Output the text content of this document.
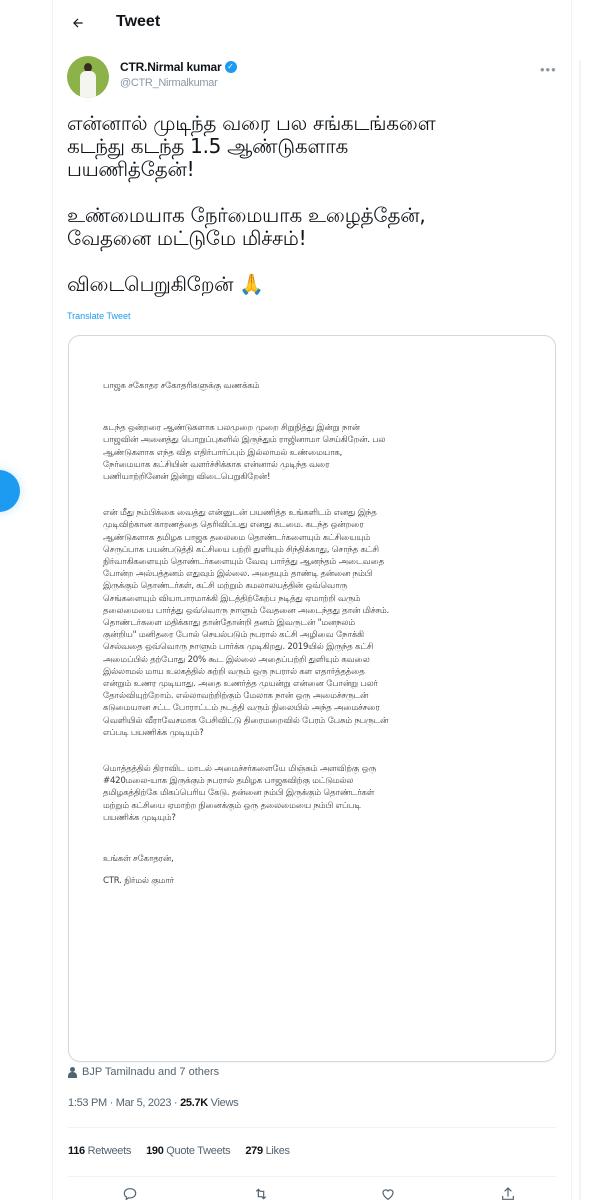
Tweet
CTR.Nirmal kumar ✓
@CTR_Nirmalkumar
•••

என்னால் முடிந்த வரை பல சங்கடங்களை

கடந்து கடந்த 1.5 ஆண்டுகளாக

பயணித்தேன்!

உண்மையாக நேர்மையாக உழைத்தேன்,

வேதனை மட்டுமே மிச்சம்!

விடைபெறுகிறேன் 🙏

Translate Tweet
பாஜக சகோதர சகோதரிகளுக்கு வணக்கம்
கடந்த ஒன்றரை ஆண்டுகளாக பலமுறை முறை சிறுநித்து இன்று நான்
பாஜவின் அனைத்து பொறுப்புகளில் இருந்தும் ராஜினாமா செய்கிறேன். பல
ஆண்டுகளாக எந்த வித எதிர்பார்ப்பும் இல்லாமல் உண்மையாக,
நேர்மையாக கட்சியின் வளர்ச்சிக்காக என்னால் முடிந்த வரை
பணியாற்றினேன் இன்று விடைபெறுகிறேன்!
என் மீது நம்பிக்கை வைத்து என்னுடன் பயணித்த உங்களிடம் எனது இந்த
முடிவிற்கான காரணத்தை தெரிவிப்பது எனது கடமை. கடந்த ஒன்றரை
ஆண்டுகளாக தமிழக பாஜக தலைமை தொண்டர்களையும் கட்சியையும்
செருப்பாக பயன்படுத்தி கட்சியை பற்றி துளியும் சிந்திக்காது, சொந்த கட்சி
நிர்வாகிகளையும் தொண்டர்களையும் வேவு பார்த்து ஆனந்தம் அடைவதை
போன்ற அல்பத்தனம் எதுவும் இல்லை. அதையும் தாண்டி தன்னை நம்பி
இருக்கும் தொண்டர்கள், கட்சி மற்றும் கமலாலயத்தின் ஒவ்வொரு
செங்களையும் வியாபாரமாக்கி இடத்திற்கேற்ப நடித்து ஏமாற்றி வரும்
தலைமையை பார்த்து ஒவ்வொரு நாளும் வேதனை அடைந்தது தான் மிச்சம்.
தொண்டர்களை மதிக்காது தான்தோன்றி தனம் இவருடன் "மனநலம்
குன்றிய" மனிதரை போல் செயல்படும் நபரால் கட்சி அழிவை நோக்கி
செல்வதை ஒவ்வொரு நாளும் பார்க்க முடிகிறது. 2019யில் இருந்த கட்சி
அமைப்பில் தற்போது 20% கூட இல்லை அதைப்பற்றி துளியும் கவலை
இல்லாமல் மாய உலகத்தில் சுற்றி வரும் ஒரு நபரால் கள எதார்த்தத்தை
என்றும் உணர முடியாது. அதை உணர்த்த முயன்று என்னை போன்று பலர்
தோல்வியுற்றோம். எல்லாவற்றிற்கும் மேலாக நான் ஒரு அமைச்சருடன்
கடுமையான சட்ட போராட்டம் நடத்தி வரும் நிலையில் அந்த அமைச்சரை
வெளியில் வீராவேசமாக பேசிவிட்டு திரைமறைவில் பேரம் பேசும் நபருடன்
எப்படி பயணிக்க முடியும்?
மொத்தத்தில் திராவிட மாடல் அமைச்சர்களையே மிஞ்சும் அளவிற்கு ஒரு
#420மலை-யாக இருக்கும் நபரால் தமிழக பாஜகவிற்கு மட்டுமல்ல
தமிழகத்திற்கே மிகப்பெரிய கேடு. தன்னை நம்பி இருக்கும் தொண்டர்கள்
மற்றும் கட்சியை ஏமாற்ற நினைக்கும் ஒரு தலைமையை நம்பி எப்படி
பயணிக்க முடியும்?
உங்கள் சகோதரன்,
CTR. நிர்மல் குமார்
BJP Tamilnadu and 7 others
1:53 PM · Mar 5, 2023 · 25.7K Views
116 Retweets 190 Quote Tweets 279 Likes
